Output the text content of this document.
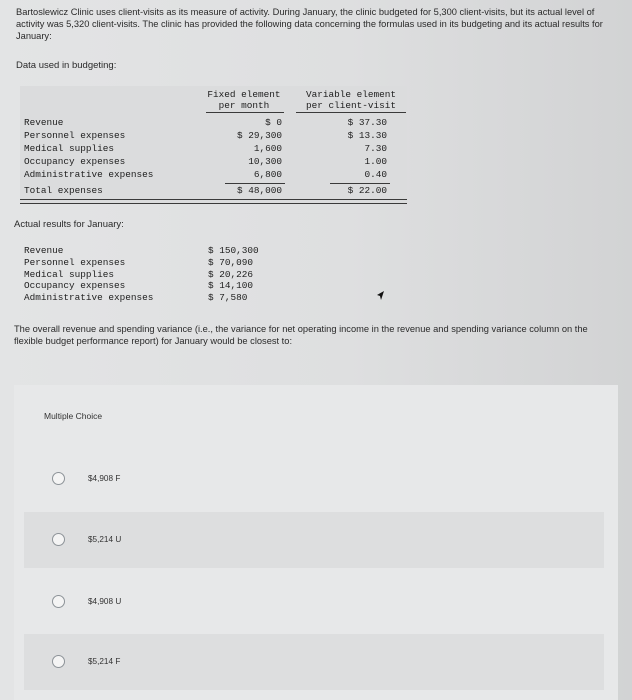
Bartoslewicz Clinic uses client-visits as its measure of activity. During January, the clinic budgeted for 5,300 client-visits, but its actual level of activity was 5,320 client-visits. The clinic has provided the following data concerning the formulas used in its budgeting and its actual results for January:
Data used in budgeting:
Fixed element
per month
Variable element
per client-visit
Revenue
Personnel expenses
Medical supplies
Occupancy expenses
Administrative expenses
Total expenses
$ 0
$ 29,300
1,600
10,300
6,800
$ 48,000
$ 37.30
$ 13.30
7.30
1.00
0.40
$ 22.00
Actual results for January:
Revenue
Personnel expenses
Medical supplies
Occupancy expenses
Administrative expenses
$ 150,300
$ 70,090
$ 20,226
$ 14,100
$ 7,580
The overall revenue and spending variance (i.e., the variance for net operating income in the revenue and spending variance column on the flexible budget performance report) for January would be closest to:
Multiple Choice
$4,908 F
$5,214 U
$4,908 U
$5,214 F
